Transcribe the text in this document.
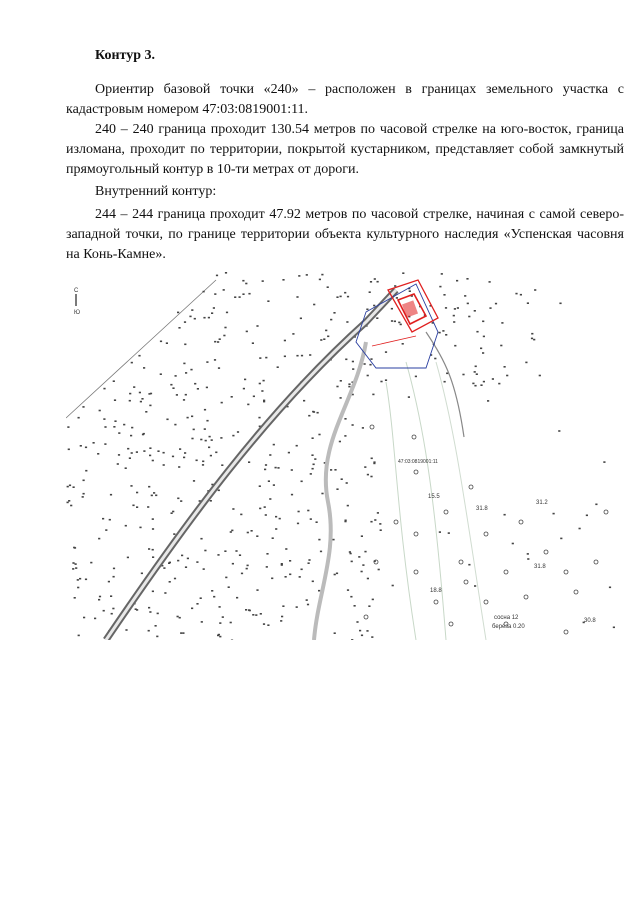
Контур 3.
Ориентир базовой точки «240» – расположен в границах земельного участка с кадастровым номером 47:03:0819001:11.
240 – 240 граница проходит 130.54 метров по часовой стрелке на юго-восток, граница изломана, проходит по территории, покрытой кустарником, представляет собой замкнутый прямоугольный контур в 10-ти метрах от дороги.
Внутренний контур:
244 – 244 граница проходит 47.92 метров по часовой стрелке, начиная с самой северо-западной точки, по границе территории объекта культурного наследия «Успенская часовня на Конь-Камне».
С
Ю
47:03:0819001:11
15.5
31.8
31.2
31.8
18.8
30.8
сосна 12
береза 0.20
